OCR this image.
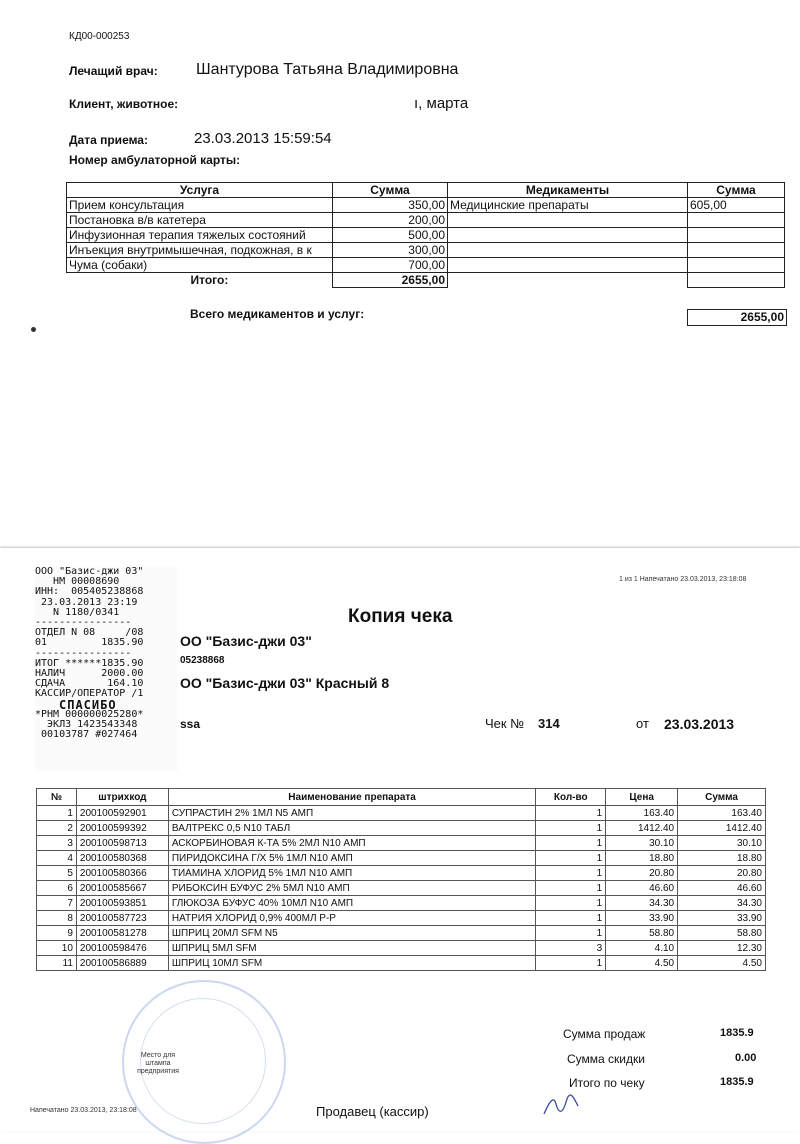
КД00-000253
Лечащий врач: Шантурова Татьяна Владимировна
Клиент, животное:	ı, марта
Дата приема:	23.03.2013 15:59:54
Номер амбулаторной карты:
Услуга	Сумма	Медикаменты	Сумма
Прием консультация	350,00	Медицинские препараты	605,00
Постановка в/в катетера	200,00		
Инфузионная терапия тяжелых состояний	500,00		
Инъекция внутримышечная, подкожная, в к	300,00		
Чума (собаки)	700,00		
Итого:	2655,00		
Всего медикаментов и услуг:	2655,00
1 из 1 Напечатано 23.03.2013, 23:18:08
Копия чека
ОО "Базис-джи 03"
05238868
ОО "Базис-джи 03" Красный 8
ssa	Чек № 314	от 23.03.2013
№	штрихкод	Наименование препарата	Кол-во	Цена	Сумма
1	200100592901	СУПРАСТИН 2% 1МЛ N5 АМП	1	163.40	163.40
2	200100599392	ВАЛТРЕКС 0,5 N10 ТАБЛ	1	1412.40	1412.40
3	200100598713	АСКОРБИНОВАЯ К-ТА 5% 2МЛ N10 АМП	1	30.10	30.10
4	200100580368	ПИРИДОКСИНА Г/Х 5% 1МЛ N10 АМП	1	18.80	18.80
5	200100580366	ТИАМИНА ХЛОРИД 5% 1МЛ N10 АМП	1	20.80	20.80
6	200100585667	РИБОКСИН БУФУС 2% 5МЛ N10 АМП	1	46.60	46.60
7	200100593851	ГЛЮКОЗА БУФУС 40% 10МЛ N10 АМП	1	34.30	34.30
8	200100587723	НАТРИЯ ХЛОРИД 0,9% 400МЛ Р-Р	1	33.90	33.90
9	200100581278	ШПРИЦ 20МЛ SFM N5	1	58.80	58.80
10	200100598476	ШПРИЦ 5МЛ SFM	3	4.10	12.30
11	200100586889	ШПРИЦ 10МЛ SFM	1	4.50	4.50
Сумма продаж	1835.9
Сумма скидки	0.00
Итого по чеку	1835.9
Место для штампа предприятия
Напечатано 23.03.2013, 23:18:08	Продавец (кассир)
ООО "Базис-джи 03"
НМ 00008690
ИНН:  005405238868
23.03.2013 23:19
N 1180/0341
----------------
ОТДЕЛ N 08     /08
01         1835.90
----------------
ИТОГ ******1835.90
НАЛИЧ      2000.00
СДАЧА       164.10
КАССИР/ОПЕРАТОР /1
СПАСИБО
*РНМ 000000025280*
ЭКЛЗ 1423543348
00103787 #027464
